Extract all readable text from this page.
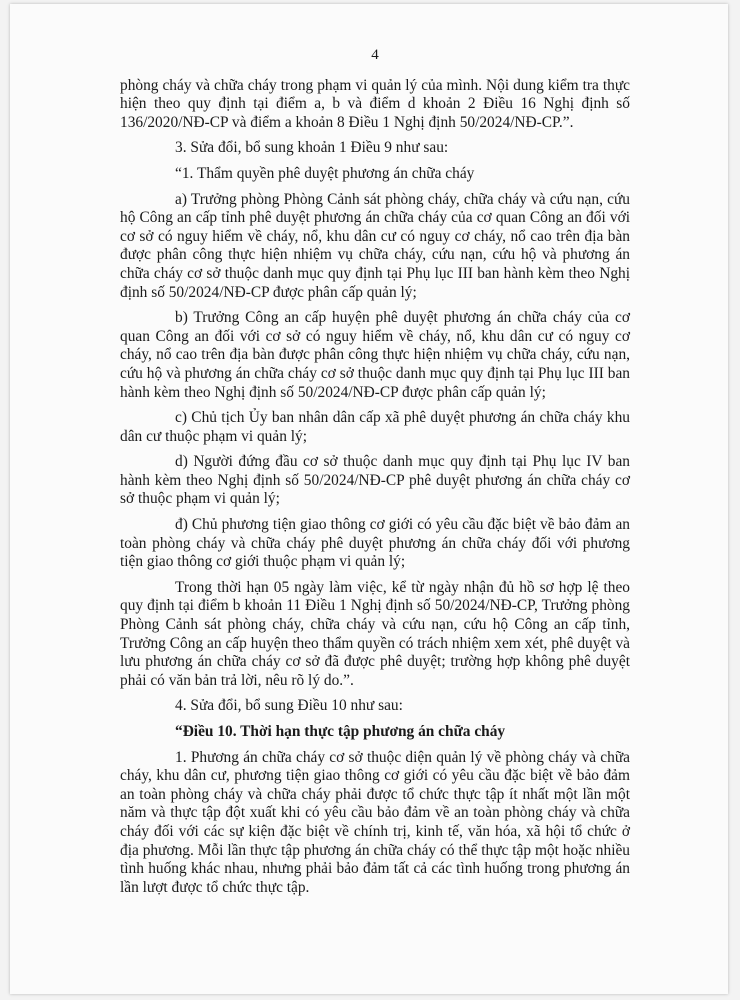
4

phòng cháy và chữa cháy trong phạm vi quản lý của mình. Nội dung kiểm tra thực hiện theo quy định tại điểm a, b và điểm d khoản 2 Điều 16 Nghị định số 136/2020/NĐ-CP và điểm a khoản 8 Điều 1 Nghị định 50/2024/NĐ-CP.”.

3. Sửa đổi, bổ sung khoản 1 Điều 9 như sau:

“1. Thẩm quyền phê duyệt phương án chữa cháy

a) Trưởng phòng Phòng Cảnh sát phòng cháy, chữa cháy và cứu nạn, cứu hộ Công an cấp tỉnh phê duyệt phương án chữa cháy của cơ quan Công an đối với cơ sở có nguy hiểm về cháy, nổ, khu dân cư có nguy cơ cháy, nổ cao trên địa bàn được phân công thực hiện nhiệm vụ chữa cháy, cứu nạn, cứu hộ và phương án chữa cháy cơ sở thuộc danh mục quy định tại Phụ lục III ban hành kèm theo Nghị định số 50/2024/NĐ-CP được phân cấp quản lý;

b) Trưởng Công an cấp huyện phê duyệt phương án chữa cháy của cơ quan Công an đối với cơ sở có nguy hiểm về cháy, nổ, khu dân cư có nguy cơ cháy, nổ cao trên địa bàn được phân công thực hiện nhiệm vụ chữa cháy, cứu nạn, cứu hộ và phương án chữa cháy cơ sở thuộc danh mục quy định tại Phụ lục III ban hành kèm theo Nghị định số 50/2024/NĐ-CP được phân cấp quản lý;

c) Chủ tịch Ủy ban nhân dân cấp xã phê duyệt phương án chữa cháy khu dân cư thuộc phạm vi quản lý;

d) Người đứng đầu cơ sở thuộc danh mục quy định tại Phụ lục IV ban hành kèm theo Nghị định số 50/2024/NĐ-CP phê duyệt phương án chữa cháy cơ sở thuộc phạm vi quản lý;

đ) Chủ phương tiện giao thông cơ giới có yêu cầu đặc biệt về bảo đảm an toàn phòng cháy và chữa cháy phê duyệt phương án chữa cháy đối với phương tiện giao thông cơ giới thuộc phạm vi quản lý;

Trong thời hạn 05 ngày làm việc, kể từ ngày nhận đủ hồ sơ hợp lệ theo quy định tại điểm b khoản 11 Điều 1 Nghị định số 50/2024/NĐ-CP, Trưởng phòng Phòng Cảnh sát phòng cháy, chữa cháy và cứu nạn, cứu hộ Công an cấp tỉnh, Trưởng Công an cấp huyện theo thẩm quyền có trách nhiệm xem xét, phê duyệt và lưu phương án chữa cháy cơ sở đã được phê duyệt; trường hợp không phê duyệt phải có văn bản trả lời, nêu rõ lý do.”.

4. Sửa đổi, bổ sung Điều 10 như sau:

“Điều 10. Thời hạn thực tập phương án chữa cháy

1. Phương án chữa cháy cơ sở thuộc diện quản lý về phòng cháy và chữa cháy, khu dân cư, phương tiện giao thông cơ giới có yêu cầu đặc biệt về bảo đảm an toàn phòng cháy và chữa cháy phải được tổ chức thực tập ít nhất một lần một năm và thực tập đột xuất khi có yêu cầu bảo đảm về an toàn phòng cháy và chữa cháy đối với các sự kiện đặc biệt về chính trị, kinh tế, văn hóa, xã hội tổ chức ở địa phương. Mỗi lần thực tập phương án chữa cháy có thể thực tập một hoặc nhiều tình huống khác nhau, nhưng phải bảo đảm tất cả các tình huống trong phương án lần lượt được tổ chức thực tập.
